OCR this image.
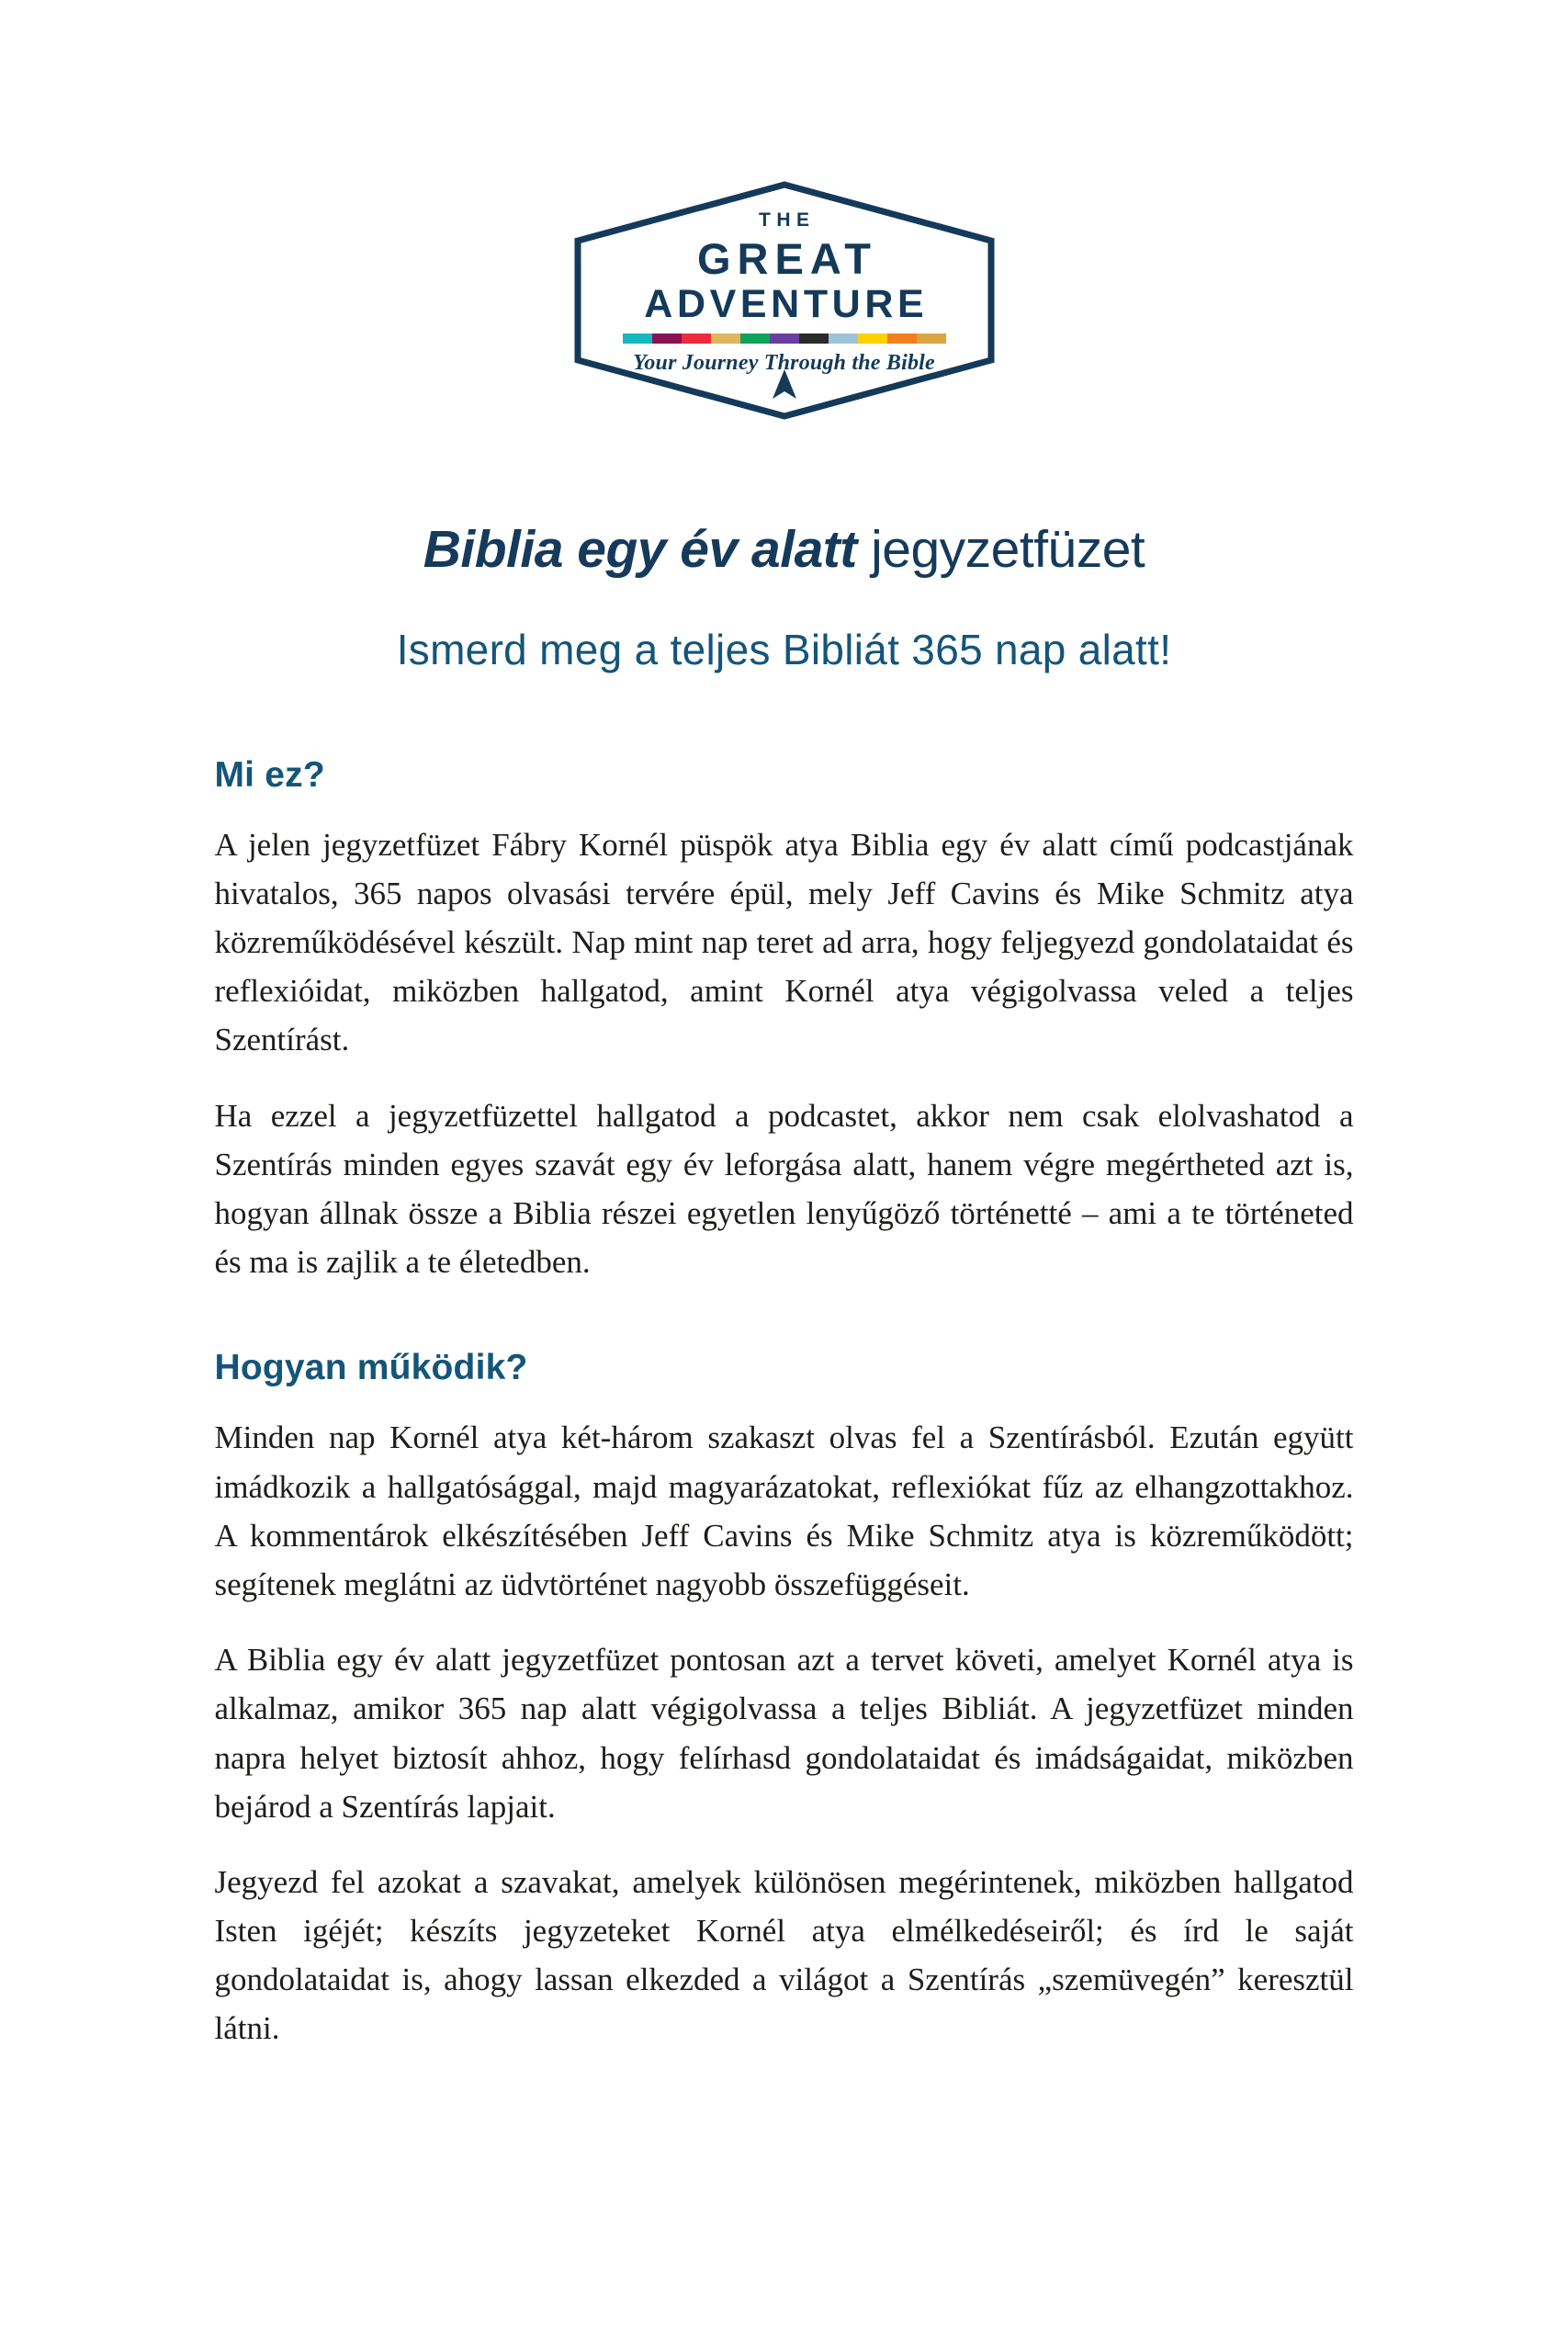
THE
GREAT
ADVENTURE
Your Journey Through the Bible
Biblia egy év alatt jegyzetfüzet
Ismerd meg a teljes Bibliát 365 nap alatt!
Mi ez?

A jelen jegyzetfüzet Fábry Kornél püspök atya Biblia egy év alatt című podcastjának hivatalos, 365 napos olvasási tervére épül, mely Jeff Cavins és Mike Schmitz atya közreműködésével készült. Nap mint nap teret ad arra, hogy feljegyezd gondolataidat és reflexióidat, miközben hallgatod, amint Kornél atya végigolvassa veled a teljes Szentírást.

Ha ezzel a jegyzetfüzettel hallgatod a podcastet, akkor nem csak elolvashatod a Szentírás minden egyes szavát egy év leforgása alatt, hanem végre megértheted azt is, hogyan állnak össze a Biblia részei egyetlen lenyűgöző történetté – ami a te történeted és ma is zajlik a te életedben.

Hogyan működik?

Minden nap Kornél atya két-három szakaszt olvas fel a Szentírásból. Ezután együtt imádkozik a hallgatósággal, majd magyarázatokat, reflexiókat fűz az elhangzottakhoz. A kommentárok elkészítésében Jeff Cavins és Mike Schmitz atya is közreműködött; segítenek meglátni az üdvtörténet nagyobb összefüggéseit.

A Biblia egy év alatt jegyzetfüzet pontosan azt a tervet követi, amelyet Kornél atya is alkalmaz, amikor 365 nap alatt végigolvassa a teljes Bibliát. A jegyzetfüzet minden napra helyet biztosít ahhoz, hogy felírhasd gondolataidat és imádságaidat, miközben bejárod a Szentírás lapjait.

Jegyezd fel azokat a szavakat, amelyek különösen megérintenek, miközben hallgatod Isten igéjét; készíts jegyzeteket Kornél atya elmélkedéseiről; és írd le saját gondolataidat is, ahogy lassan elkezded a világot a Szentírás „szemüvegén” keresztül látni.
